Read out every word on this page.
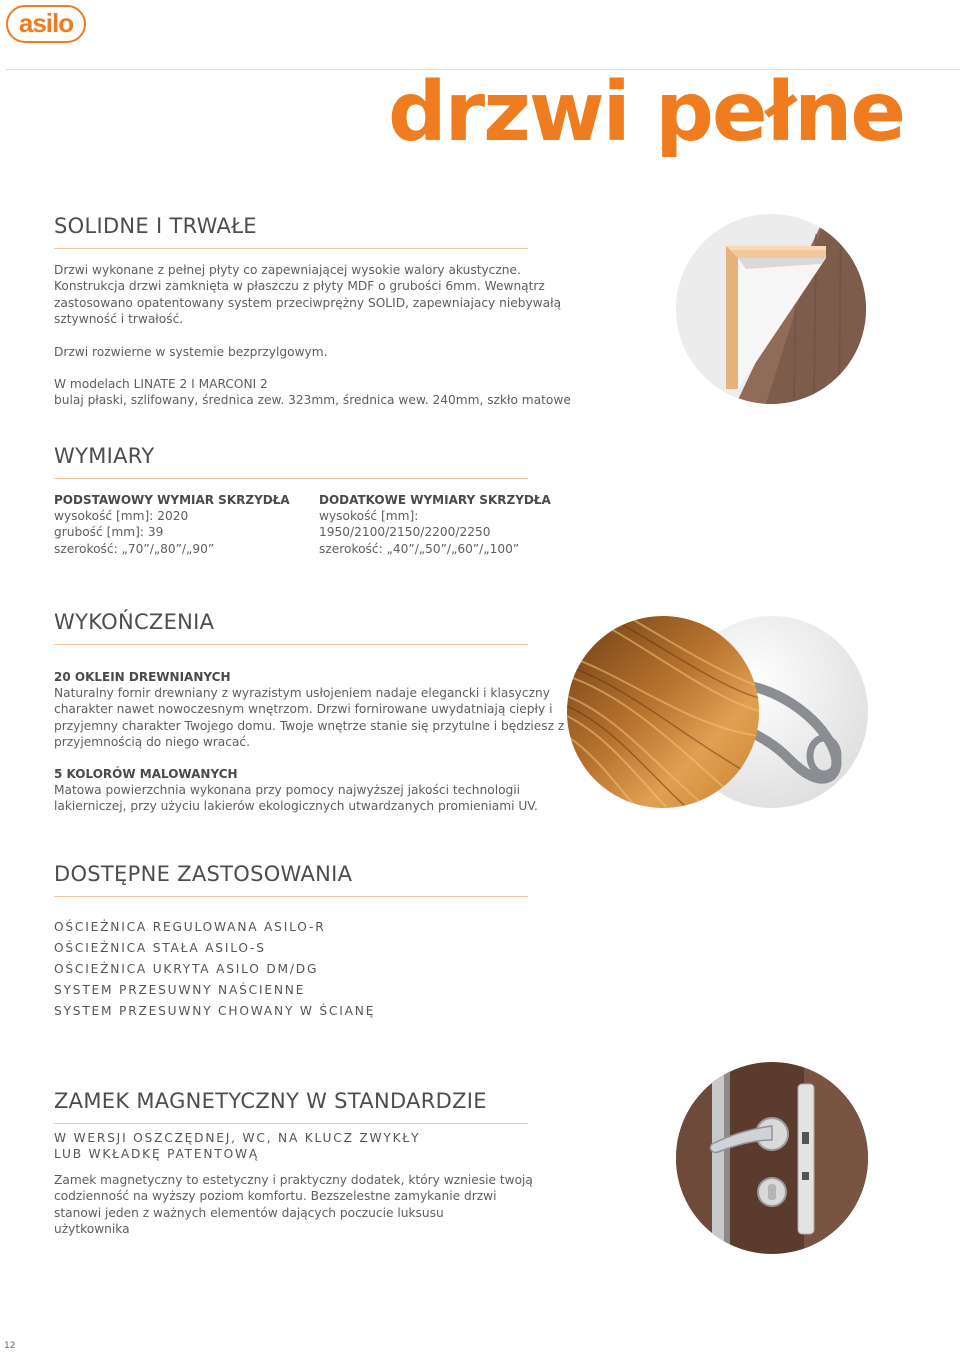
asilo
drzwi pełne
SOLIDNE I TRWAŁE

Drzwi wykonane z pełnej płyty co zapewniającej wysokie walory akustyczne.
Konstrukcja drzwi zamknięta w płaszczu z płyty MDF o grubości 6mm. Wewnątrz
zastosowano opatentowany system przeciwprężny SOLID, zapewniajacy niebywałą
sztywność i trwałość.

Drzwi rozwierne w systemie bezprzylgowym.

W modelach LINATE 2 I MARCONI 2
bulaj płaski, szlifowany, średnica zew. 323mm, średnica wew. 240mm, szkło matowe

WYMIARY

PODSTAWOWY WYMIAR SKRZYDŁA

wysokość [mm]: 2020
grubość [mm]: 39
szerokość: „70”/„80”/„90”

DODATKOWE WYMIARY SKRZYDŁA

wysokość [mm]:
1950/2100/2150/2200/2250
szerokość: „40”/„50”/„60”/„100”

WYKOŃCZENIA

20 OKLEIN DREWNIANYCH

Naturalny fornir drewniany z wyrazistym usłojeniem nadaje elegancki i klasyczny
charakter nawet nowoczesnym wnętrzom. Drzwi fornirowane uwydatniają ciepły i
przyjemny charakter Twojego domu. Twoje wnętrze stanie się przytulne i będziesz z
przyjemnością do niego wracać.

5 KOLORÓW MALOWANYCH

Matowa powierzchnia wykonana przy pomocy najwyższej jakości technologii
lakierniczej, przy użyciu lakierów ekologicznych utwardzanych promieniami UV.

DOSTĘPNE ZASTOSOWANIA

OŚCIEŻNICA REGULOWANA ASILO-R

OŚCIEŻNICA STAŁA ASILO-S

OŚCIEŻNICA UKRYTA ASILO DM/DG

SYSTEM PRZESUWNY NAŚCIENNE

SYSTEM PRZESUWNY CHOWANY W ŚCIANĘ

ZAMEK MAGNETYCZNY W STANDARDZIE

W WERSJI OSZCZĘDNEJ, WC, NA KLUCZ ZWYKŁY
LUB WKŁADKĘ PATENTOWĄ

Zamek magnetyczny to estetyczny i praktyczny dodatek, który wzniesie twoją
codzienność na wyższy poziom komfortu. Bezszelestne zamykanie drzwi
stanowi jeden z ważnych elementów dających poczucie luksusu
użytkownika

12
